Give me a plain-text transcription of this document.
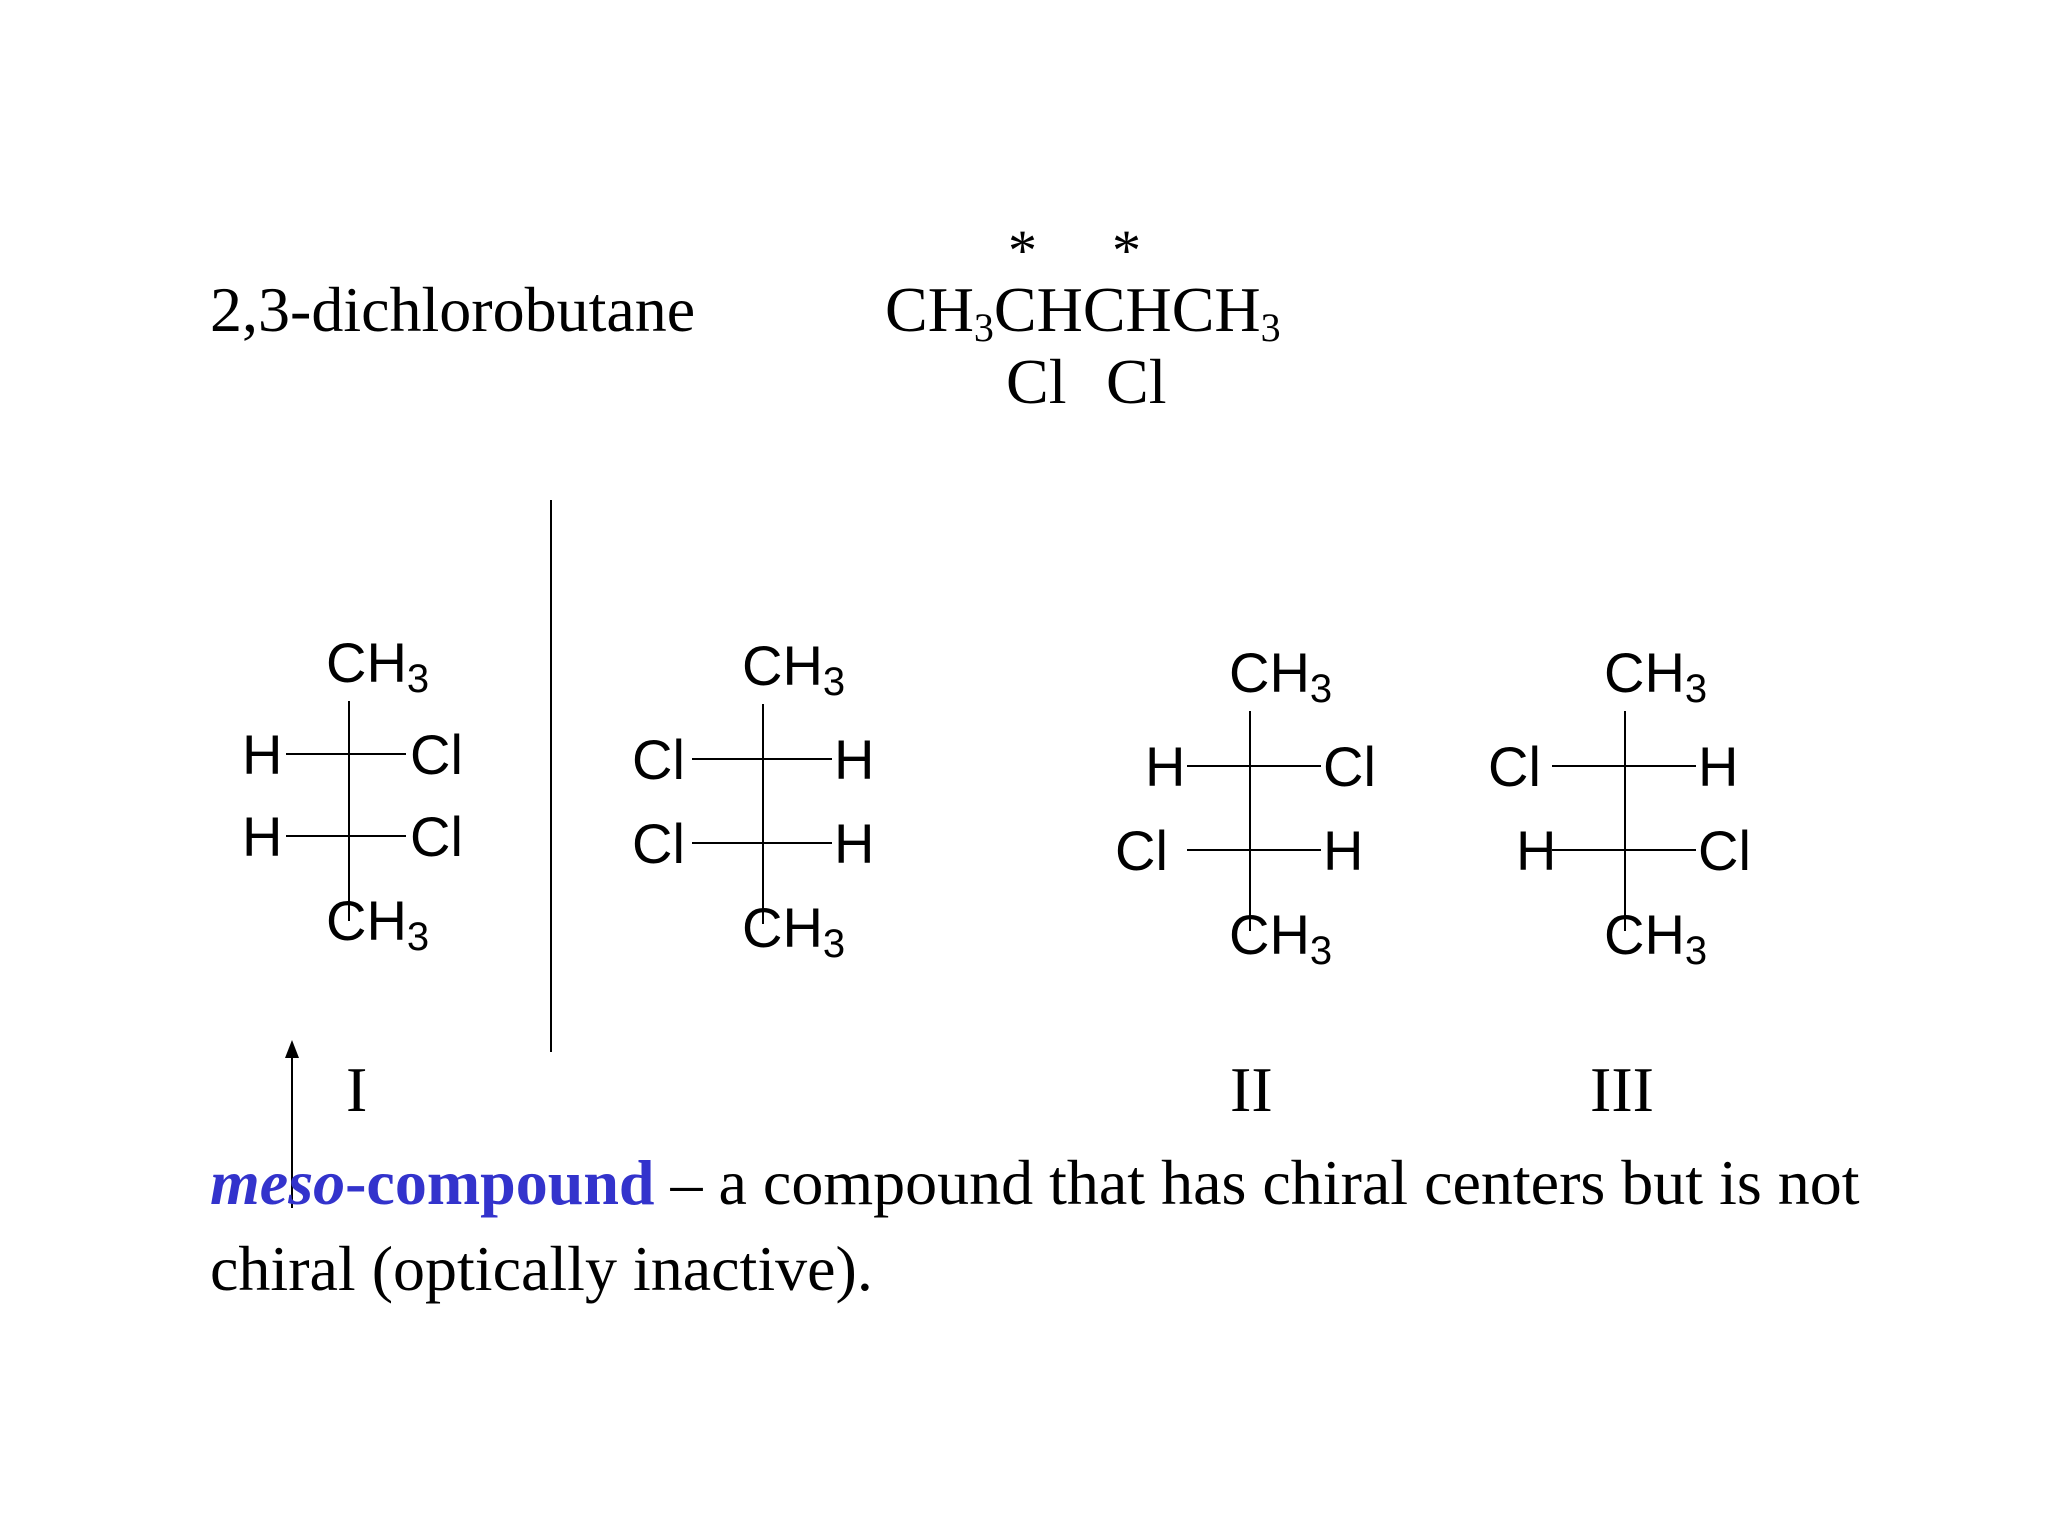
2,3-dichlorobutane
* *
$CH_3CHCHCH_3$
Cl Cl
$CH_3$
H Cl
H Cl
$CH_3$
$CH_3$
Cl	H
Cl	H
$CH_3$
$CH_3$
H Cl
Cl	H
$CH_3$
$CH_3$
Cl	H
H	Cl
$CH_3$
I	II	III
meso-compound – a compound that has chiral centers but is not chiral (optically inactive).
